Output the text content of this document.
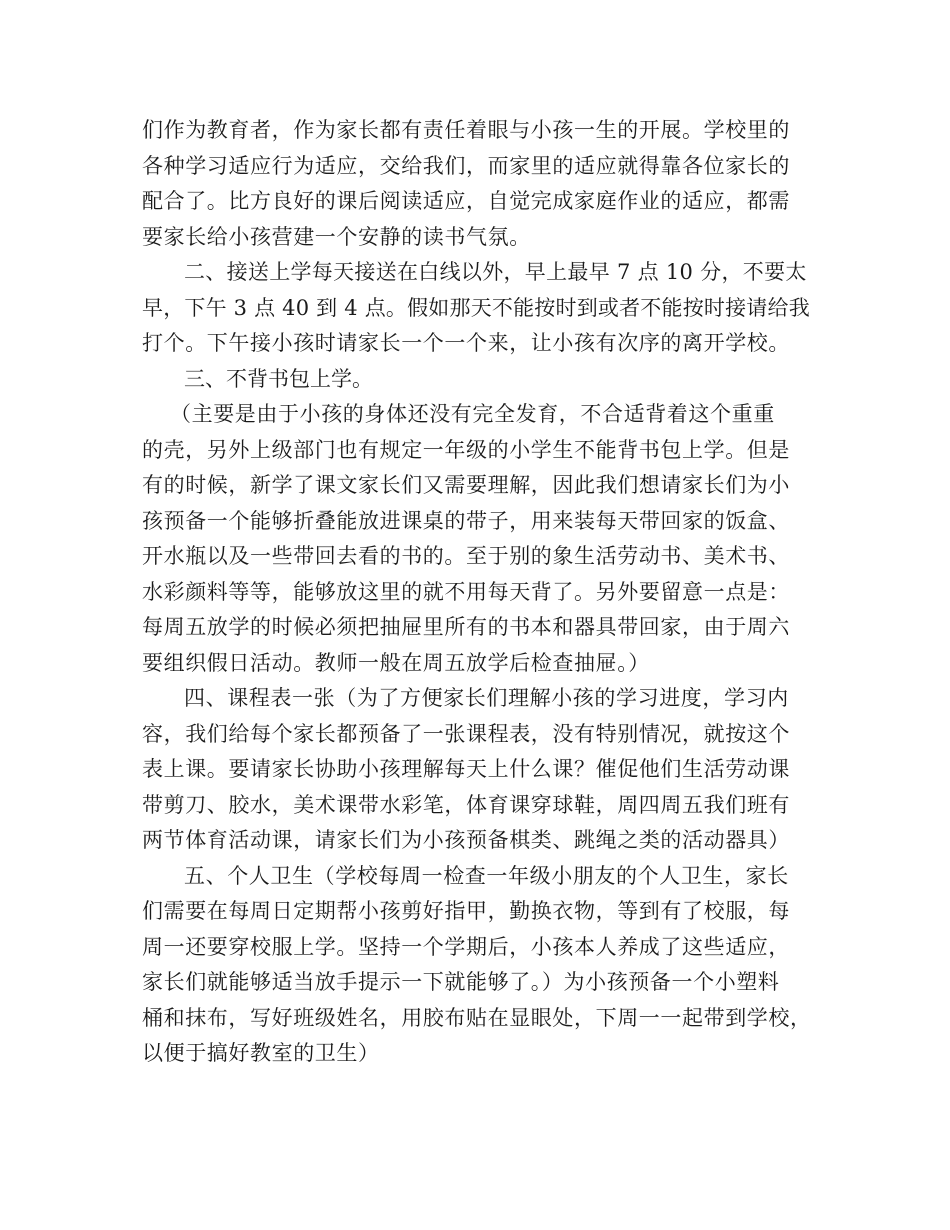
们作为教育者，作为家长都有责任着眼与小孩一生的开展。学校里的
各种学习适应行为适应，交给我们，而家里的适应就得靠各位家长的
配合了。比方良好的课后阅读适应，自觉完成家庭作业的适应，都需
要家长给小孩营建一个安静的读书气氛。
二、接送上学每天接送在白线以外，早上最早 7 点 10 分，不要太
早，下午 3 点 40 到 4 点。假如那天不能按时到或者不能按时接请给我
打个。下午接小孩时请家长一个一个来，让小孩有次序的离开学校。
三、不背书包上学。
（主要是由于小孩的身体还没有完全发育，不合适背着这个重重
的壳，另外上级部门也有规定一年级的小学生不能背书包上学。但是
有的时候，新学了课文家长们又需要理解，因此我们想请家长们为小
孩预备一个能够折叠能放进课桌的带子，用来装每天带回家的饭盒、
开水瓶以及一些带回去看的书的。至于别的象生活劳动书、美术书、
水彩颜料等等，能够放这里的就不用每天背了。另外要留意一点是：
每周五放学的时候必须把抽屉里所有的书本和器具带回家，由于周六
要组织假日活动。教师一般在周五放学后检查抽屉。）
四、课程表一张（为了方便家长们理解小孩的学习进度，学习内
容，我们给每个家长都预备了一张课程表，没有特别情况，就按这个
表上课。要请家长协助小孩理解每天上什么课？催促他们生活劳动课
带剪刀、胶水，美术课带水彩笔，体育课穿球鞋，周四周五我们班有
两节体育活动课，请家长们为小孩预备棋类、跳绳之类的活动器具）
五、个人卫生（学校每周一检查一年级小朋友的个人卫生，家长
们需要在每周日定期帮小孩剪好指甲，勤换衣物，等到有了校服，每
周一还要穿校服上学。坚持一个学期后，小孩本人养成了这些适应，
家长们就能够适当放手提示一下就能够了。）为小孩预备一个小塑料
桶和抹布，写好班级姓名，用胶布贴在显眼处，下周一一起带到学校，
以便于搞好教室的卫生）
